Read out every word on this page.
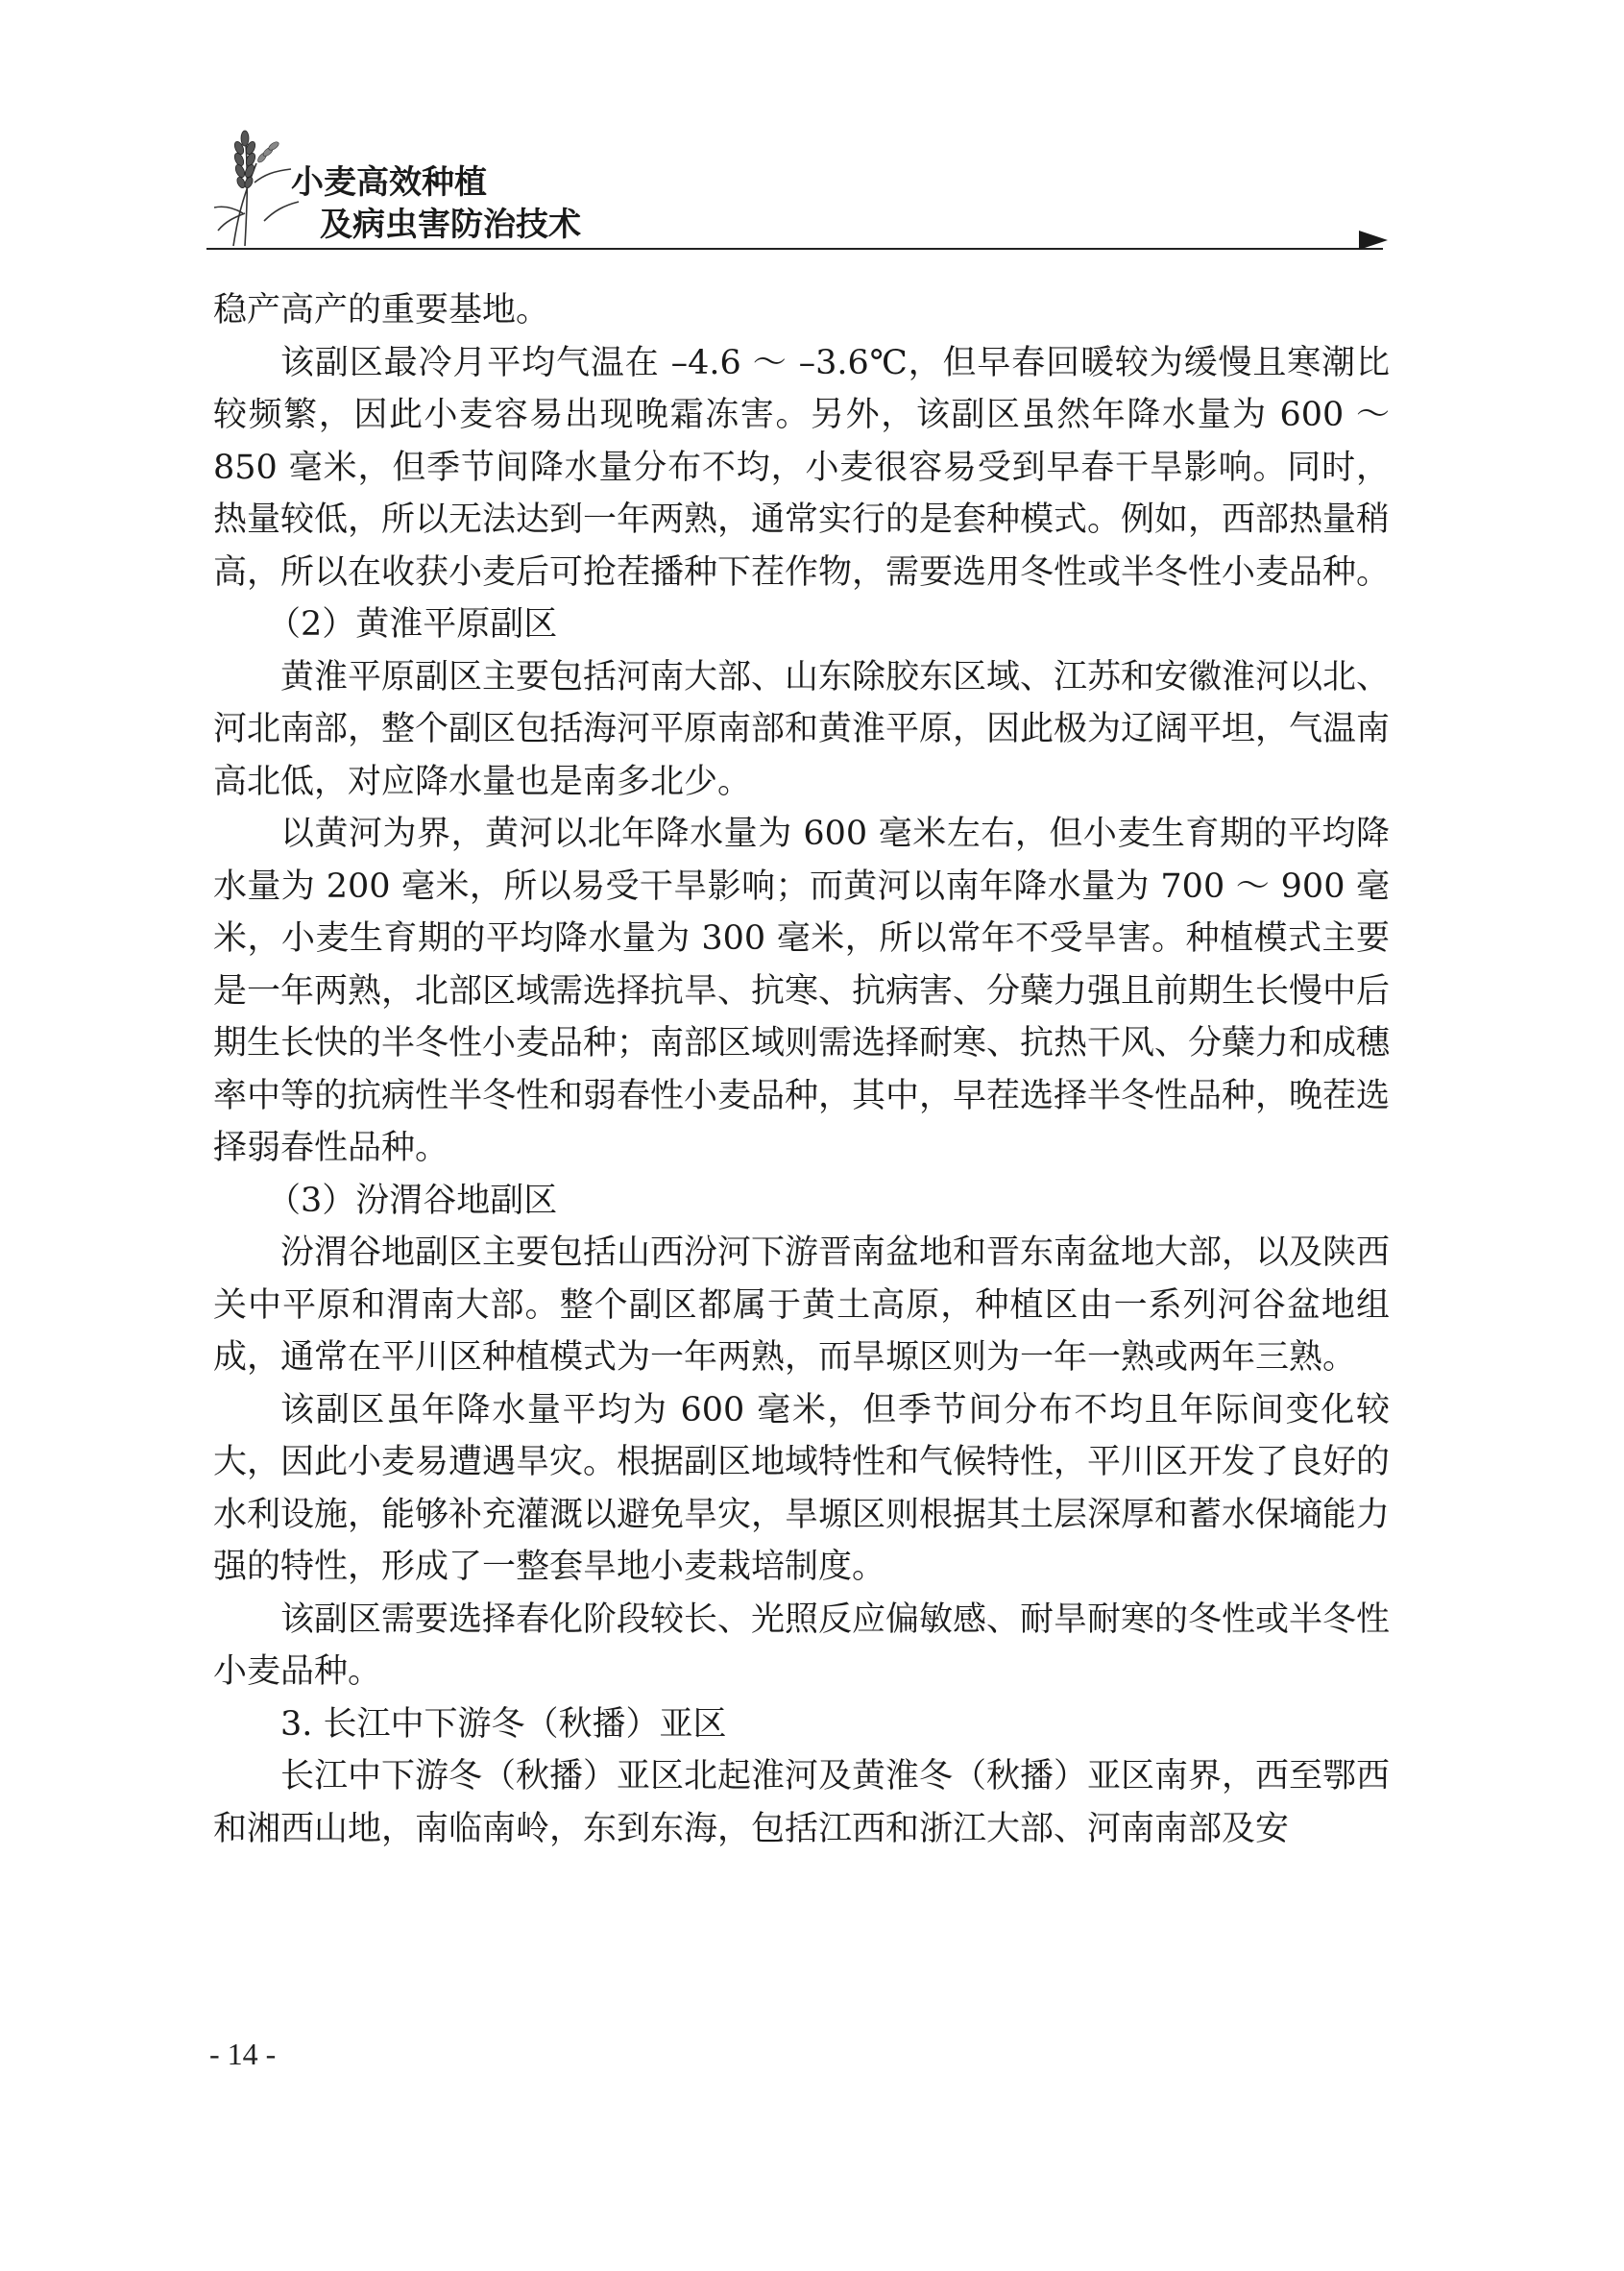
小麦高效种植
及病虫害防治技术

稳产高产的重要基地。

该副区最冷月平均气温在 –4.6 ～ –3.6℃，但早春回暖较为缓慢且寒潮比较频繁，因此小麦容易出现晚霜冻害。另外，该副区虽然年降水量为 600 ～ 850 毫米，但季节间降水量分布不均，小麦很容易受到早春干旱影响。同时，热量较低，所以无法达到一年两熟，通常实行的是套种模式。例如，西部热量稍高，所以在收获小麦后可抢茬播种下茬作物，需要选用冬性或半冬性小麦品种。

（2）黄淮平原副区

黄淮平原副区主要包括河南大部、山东除胶东区域、江苏和安徽淮河以北、河北南部，整个副区包括海河平原南部和黄淮平原，因此极为辽阔平坦，气温南高北低，对应降水量也是南多北少。

以黄河为界，黄河以北年降水量为 600 毫米左右，但小麦生育期的平均降水量为 200 毫米，所以易受干旱影响；而黄河以南年降水量为 700 ～ 900 毫米，小麦生育期的平均降水量为 300 毫米，所以常年不受旱害。种植模式主要是一年两熟，北部区域需选择抗旱、抗寒、抗病害、分蘖力强且前期生长慢中后期生长快的半冬性小麦品种；南部区域则需选择耐寒、抗热干风、分蘖力和成穗率中等的抗病性半冬性和弱春性小麦品种，其中，早茬选择半冬性品种，晚茬选择弱春性品种。

（3）汾渭谷地副区

汾渭谷地副区主要包括山西汾河下游晋南盆地和晋东南盆地大部，以及陕西关中平原和渭南大部。整个副区都属于黄土高原，种植区由一系列河谷盆地组成，通常在平川区种植模式为一年两熟，而旱塬区则为一年一熟或两年三熟。

该副区虽年降水量平均为 600 毫米，但季节间分布不均且年际间变化较大，因此小麦易遭遇旱灾。根据副区地域特性和气候特性，平川区开发了良好的水利设施，能够补充灌溉以避免旱灾，旱塬区则根据其土层深厚和蓄水保墒能力强的特性，形成了一整套旱地小麦栽培制度。

该副区需要选择春化阶段较长、光照反应偏敏感、耐旱耐寒的冬性或半冬性小麦品种。

3. 长江中下游冬（秋播）亚区

长江中下游冬（秋播）亚区北起淮河及黄淮冬（秋播）亚区南界，西至鄂西和湘西山地，南临南岭，东到东海，包括江西和浙江大部、河南南部及安

- 14 -
